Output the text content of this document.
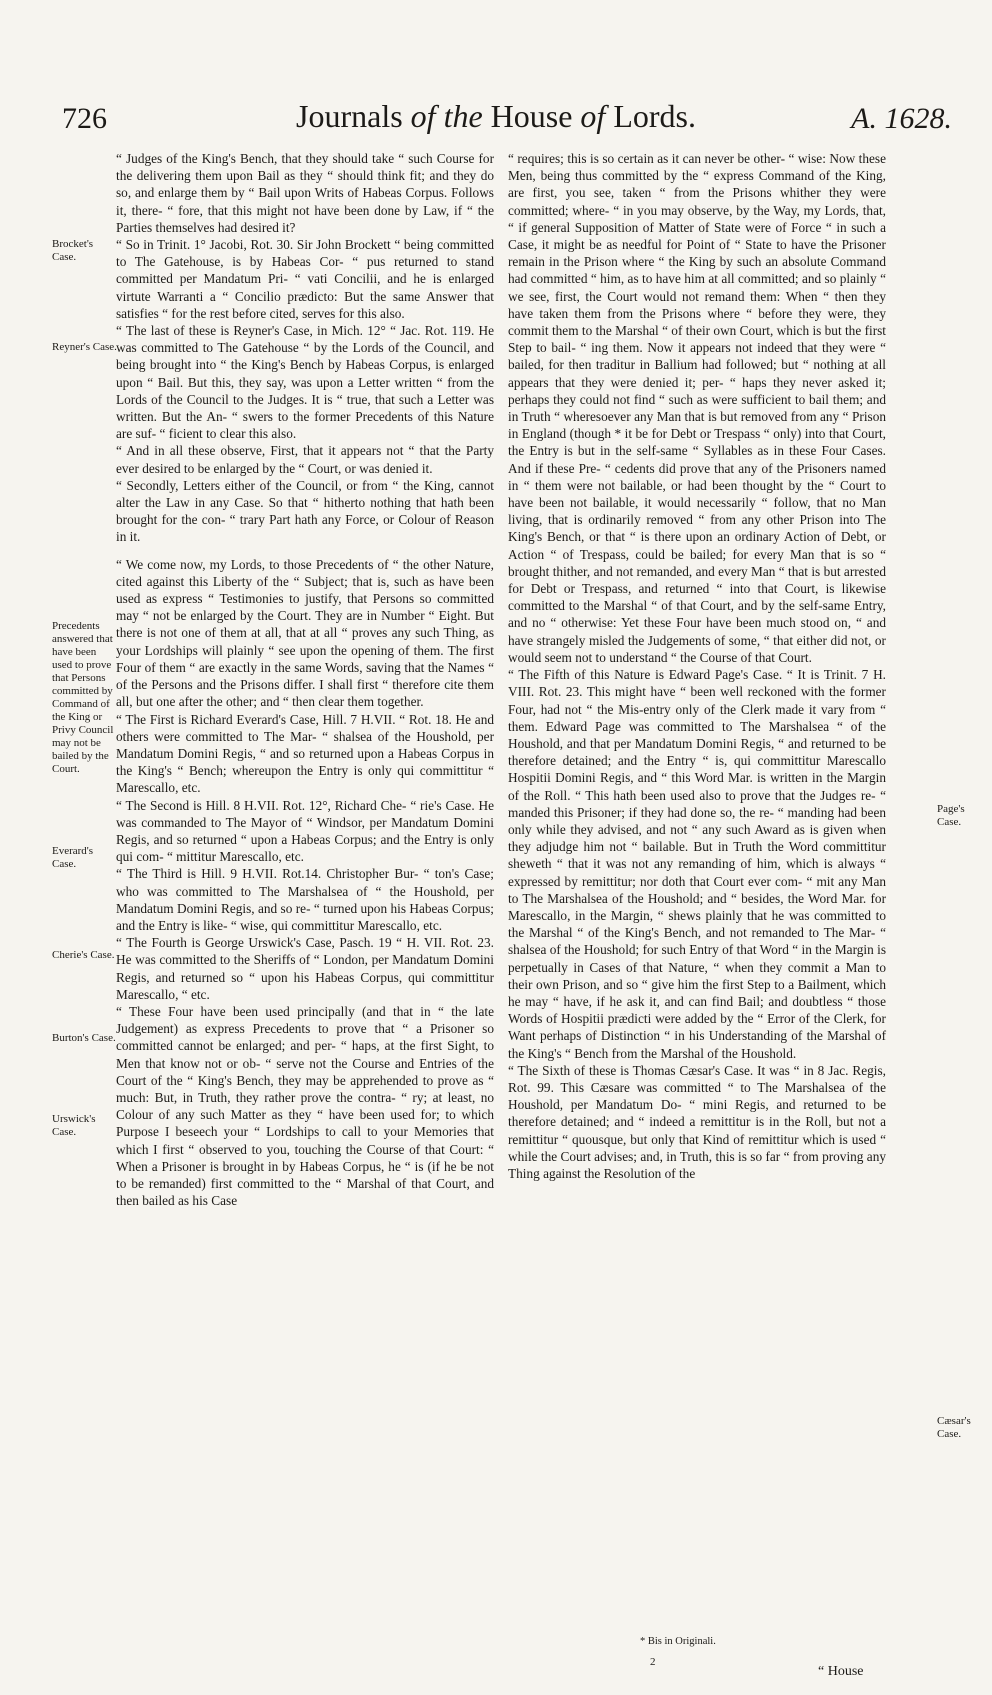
726	Journals of the House of Lords.	A. 1628.
Brocket's Case.
Reyner's Case.
Precedents answered that have been used to prove that Persons committed by Command of the King or Privy Council may not be bailed by the Court.
Everard's Case.
Cherie's Case.
Burton's Case.
Urswick's Case.
Page's Case.
Cæsar's Case.

“ Judges of the King's Bench, that they should take “ such Course for the delivering them upon Bail as they “ should think fit; and they do so, and enlarge them by “ Bail upon Writs of Habeas Corpus. Follows it, there- “ fore, that this might not have been done by Law, if “ the Parties themselves had desired it?

“ So in Trinit. 1° Jacobi, Rot. 30. Sir John Brockett “ being committed to The Gatehouse, is by Habeas Cor- “ pus returned to stand committed per Mandatum Pri- “ vati Concilii, and he is enlarged virtute Warranti a “ Concilio prædicto: But the same Answer that satisfies “ for the rest before cited, serves for this also.

“ The last of these is Reyner's Case, in Mich. 12° “ Jac. Rot. 119. He was committed to The Gatehouse “ by the Lords of the Council, and being brought into “ the King's Bench by Habeas Corpus, is enlarged upon “ Bail. But this, they say, was upon a Letter written “ from the Lords of the Council to the Judges. It is “ true, that such a Letter was written. But the An- “ swers to the former Precedents of this Nature are suf- “ ficient to clear this also.

“ And in all these observe, First, that it appears not “ that the Party ever desired to be enlarged by the “ Court, or was denied it.

“ Secondly, Letters either of the Council, or from “ the King, cannot alter the Law in any Case. So that “ hitherto nothing that hath been brought for the con- “ trary Part hath any Force, or Colour of Reason in it.

“ We come now, my Lords, to those Precedents of “ the other Nature, cited against this Liberty of the “ Subject; that is, such as have been used as express “ Testimonies to justify, that Persons so committed may “ not be enlarged by the Court. They are in Number “ Eight. But there is not one of them at all, that at all “ proves any such Thing, as your Lordships will plainly “ see upon the opening of them. The first Four of them “ are exactly in the same Words, saving that the Names “ of the Persons and the Prisons differ. I shall first “ therefore cite them all, but one after the other; and “ then clear them together.

“ The First is Richard Everard's Case, Hill. 7 H.VII. “ Rot. 18. He and others were committed to The Mar- “ shalsea of the Houshold, per Mandatum Domini Regis, “ and so returned upon a Habeas Corpus in the King's “ Bench; whereupon the Entry is only qui committitur “ Marescallo, etc.

“ The Second is Hill. 8 H.VII. Rot. 12°, Richard Che- “ rie's Case. He was commanded to The Mayor of “ Windsor, per Mandatum Domini Regis, and so returned “ upon a Habeas Corpus; and the Entry is only qui com- “ mittitur Marescallo, etc.

“ The Third is Hill. 9 H.VII. Rot.14. Christopher Bur- “ ton's Case; who was committed to The Marshalsea of “ the Houshold, per Mandatum Domini Regis, and so re- “ turned upon his Habeas Corpus; and the Entry is like- “ wise, qui committitur Marescallo, etc.

“ The Fourth is George Urswick's Case, Pasch. 19 “ H. VII. Rot. 23. He was committed to the Sheriffs of “ London, per Mandatum Domini Regis, and returned so “ upon his Habeas Corpus, qui committitur Marescallo, “ etc.

“ These Four have been used principally (and that in “ the late Judgement) as express Precedents to prove that “ a Prisoner so committed cannot be enlarged; and per- “ haps, at the first Sight, to Men that know not or ob- “ serve not the Course and Entries of the Court of the “ King's Bench, they may be apprehended to prove as “ much: But, in Truth, they rather prove the contra- “ ry; at least, no Colour of any such Matter as they “ have been used for; to which Purpose I beseech your “ Lordships to call to your Memories that which I first “ observed to you, touching the Course of that Court: “ When a Prisoner is brought in by Habeas Corpus, he “ is (if he be not to be remanded) first committed to the “ Marshal of that Court, and then bailed as his Case

“ requires; this is so certain as it can never be other- “ wise: Now these Men, being thus committed by the “ express Command of the King, are first, you see, taken “ from the Prisons whither they were committed; where- “ in you may observe, by the Way, my Lords, that, “ if general Supposition of Matter of State were of Force “ in such a Case, it might be as needful for Point of “ State to have the Prisoner remain in the Prison where “ the King by such an absolute Command had committed “ him, as to have him at all committed; and so plainly “ we see, first, the Court would not remand them: When “ then they have taken them from the Prisons where “ before they were, they commit them to the Marshal “ of their own Court, which is but the first Step to bail- “ ing them. Now it appears not indeed that they were “ bailed, for then traditur in Ballium had followed; but “ nothing at all appears that they were denied it; per- “ haps they never asked it; perhaps they could not find “ such as were sufficient to bail them; and in Truth “ wheresoever any Man that is but removed from any “ Prison in England (though * it be for Debt or Trespass “ only) into that Court, the Entry is but in the self-same “ Syllables as in these Four Cases. And if these Pre- “ cedents did prove that any of the Prisoners named in “ them were not bailable, or had been thought by the “ Court to have been not bailable, it would necessarily “ follow, that no Man living, that is ordinarily removed “ from any other Prison into The King's Bench, or that “ is there upon an ordinary Action of Debt, or Action “ of Trespass, could be bailed; for every Man that is so “ brought thither, and not remanded, and every Man “ that is but arrested for Debt or Trespass, and returned “ into that Court, is likewise committed to the Marshal “ of that Court, and by the self-same Entry, and no “ otherwise: Yet these Four have been much stood on, “ and have strangely misled the Judgements of some, “ that either did not, or would seem not to understand “ the Course of that Court.

“ The Fifth of this Nature is Edward Page's Case. “ It is Trinit. 7 H. VIII. Rot. 23. This might have “ been well reckoned with the former Four, had not “ the Mis-entry only of the Clerk made it vary from “ them. Edward Page was committed to The Marshalsea “ of the Houshold, and that per Mandatum Domini Regis, “ and returned to be therefore detained; and the Entry “ is, qui committitur Marescallo Hospitii Domini Regis, and “ this Word Mar. is written in the Margin of the Roll. “ This hath been used also to prove that the Judges re- “ manded this Prisoner; if they had done so, the re- “ manding had been only while they advised, and not “ any such Award as is given when they adjudge him not “ bailable. But in Truth the Word committitur sheweth “ that it was not any remanding of him, which is always “ expressed by remittitur; nor doth that Court ever com- “ mit any Man to The Marshalsea of the Houshold; and “ besides, the Word Mar. for Marescallo, in the Margin, “ shews plainly that he was committed to the Marshal “ of the King's Bench, and not remanded to The Mar- “ shalsea of the Houshold; for such Entry of that Word “ in the Margin is perpetually in Cases of that Nature, “ when they commit a Man to their own Prison, and so “ give him the first Step to a Bailment, which he may “ have, if he ask it, and can find Bail; and doubtless “ those Words of Hospitii prædicti were added by the “ Error of the Clerk, for Want perhaps of Distinction “ in his Understanding of the Marshal of the King's “ Bench from the Marshal of the Houshold.

“ The Sixth of these is Thomas Cæsar's Case. It was “ in 8 Jac. Regis, Rot. 99. This Cæsare was committed “ to The Marshalsea of the Houshold, per Mandatum Do- “ mini Regis, and returned to be therefore detained; and “ indeed a remittitur is in the Roll, but not a remittitur “ quousque, but only that Kind of remittitur which is used “ while the Court advises; and, in Truth, this is so far “ from proving any Thing against the Resolution of the

* Bis in Originali.
2
“ House
